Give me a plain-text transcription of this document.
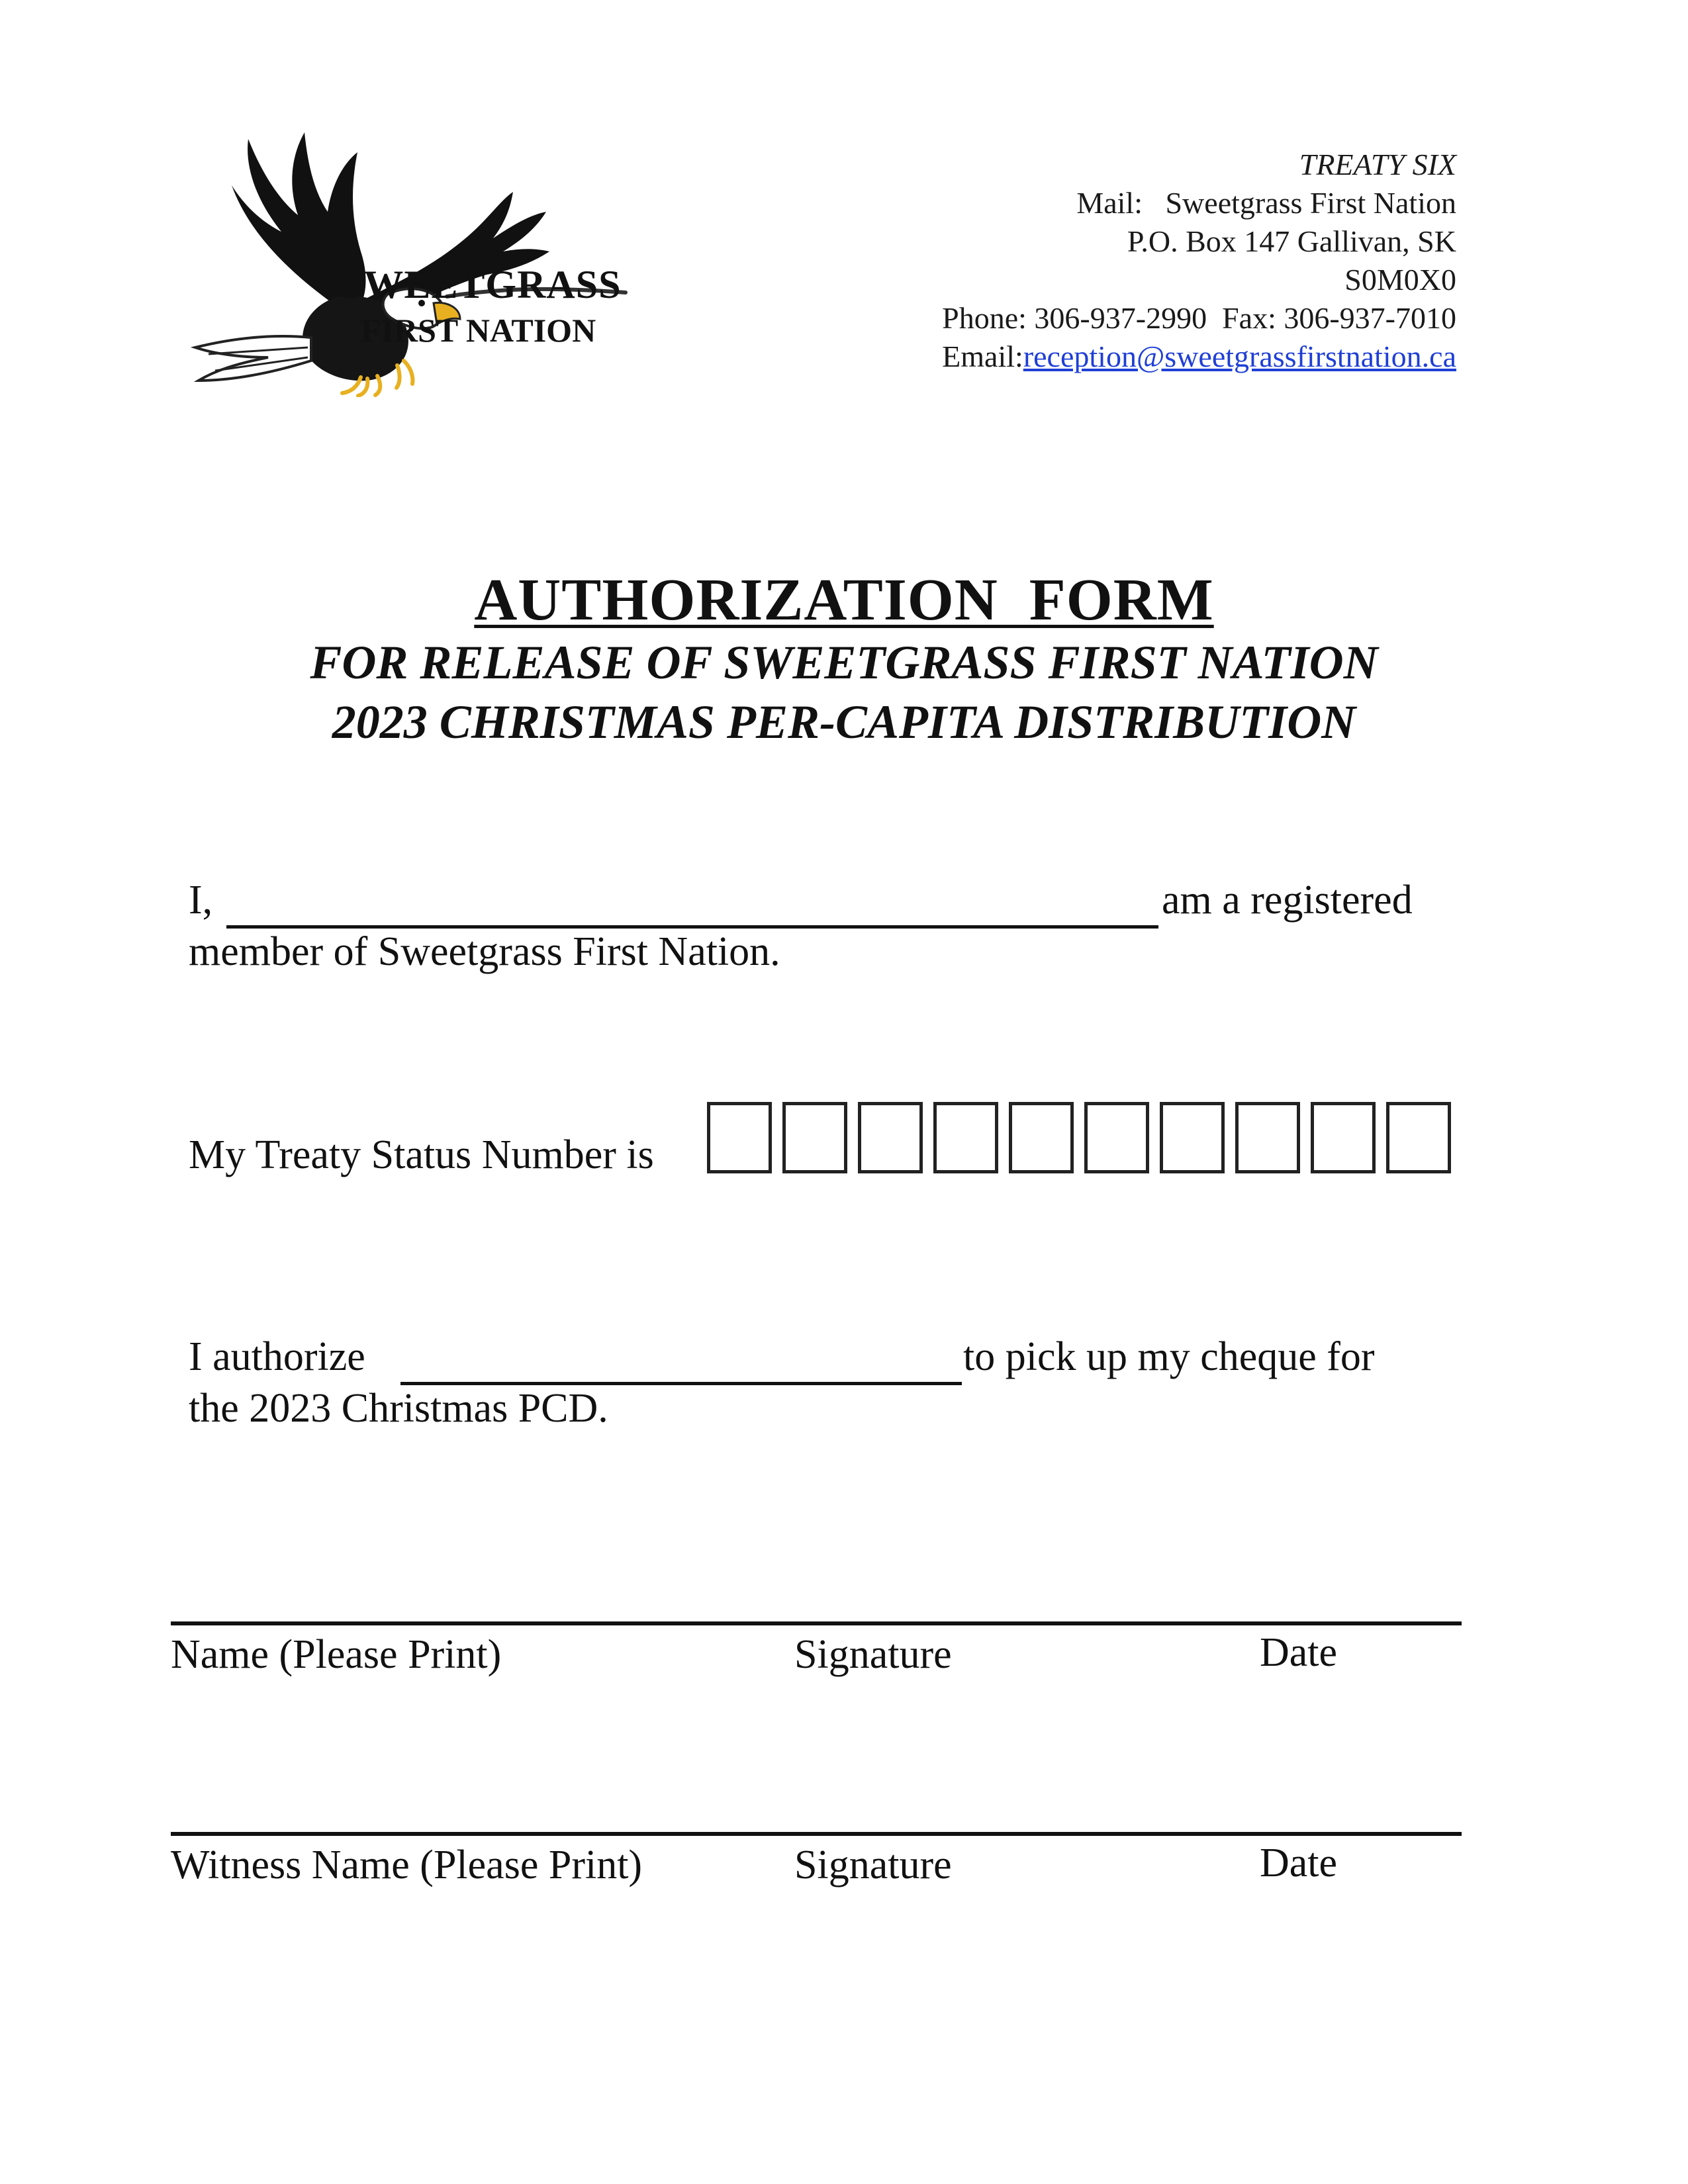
SWEETGRASS
FIRST NATION
TREATY SIX
Mail:   Sweetgrass First Nation
P.O. Box 147 Gallivan, SK
S0M0X0
Phone: 306-937-2990  Fax: 306-937-7010
Email:reception@sweetgrassfirstnation.ca
AUTHORIZATION  FORM
FOR RELEASE OF SWEETGRASS FIRST NATION
2023 CHRISTMAS PER-CAPITA DISTRIBUTION
I,	am a registered
member of Sweetgrass First Nation.
My Treaty Status Number is
I authorize	to pick up my cheque for
the 2023 Christmas PCD.
Name (Please Print)	Signature	Date
Witness Name (Please Print)	Signature	Date
